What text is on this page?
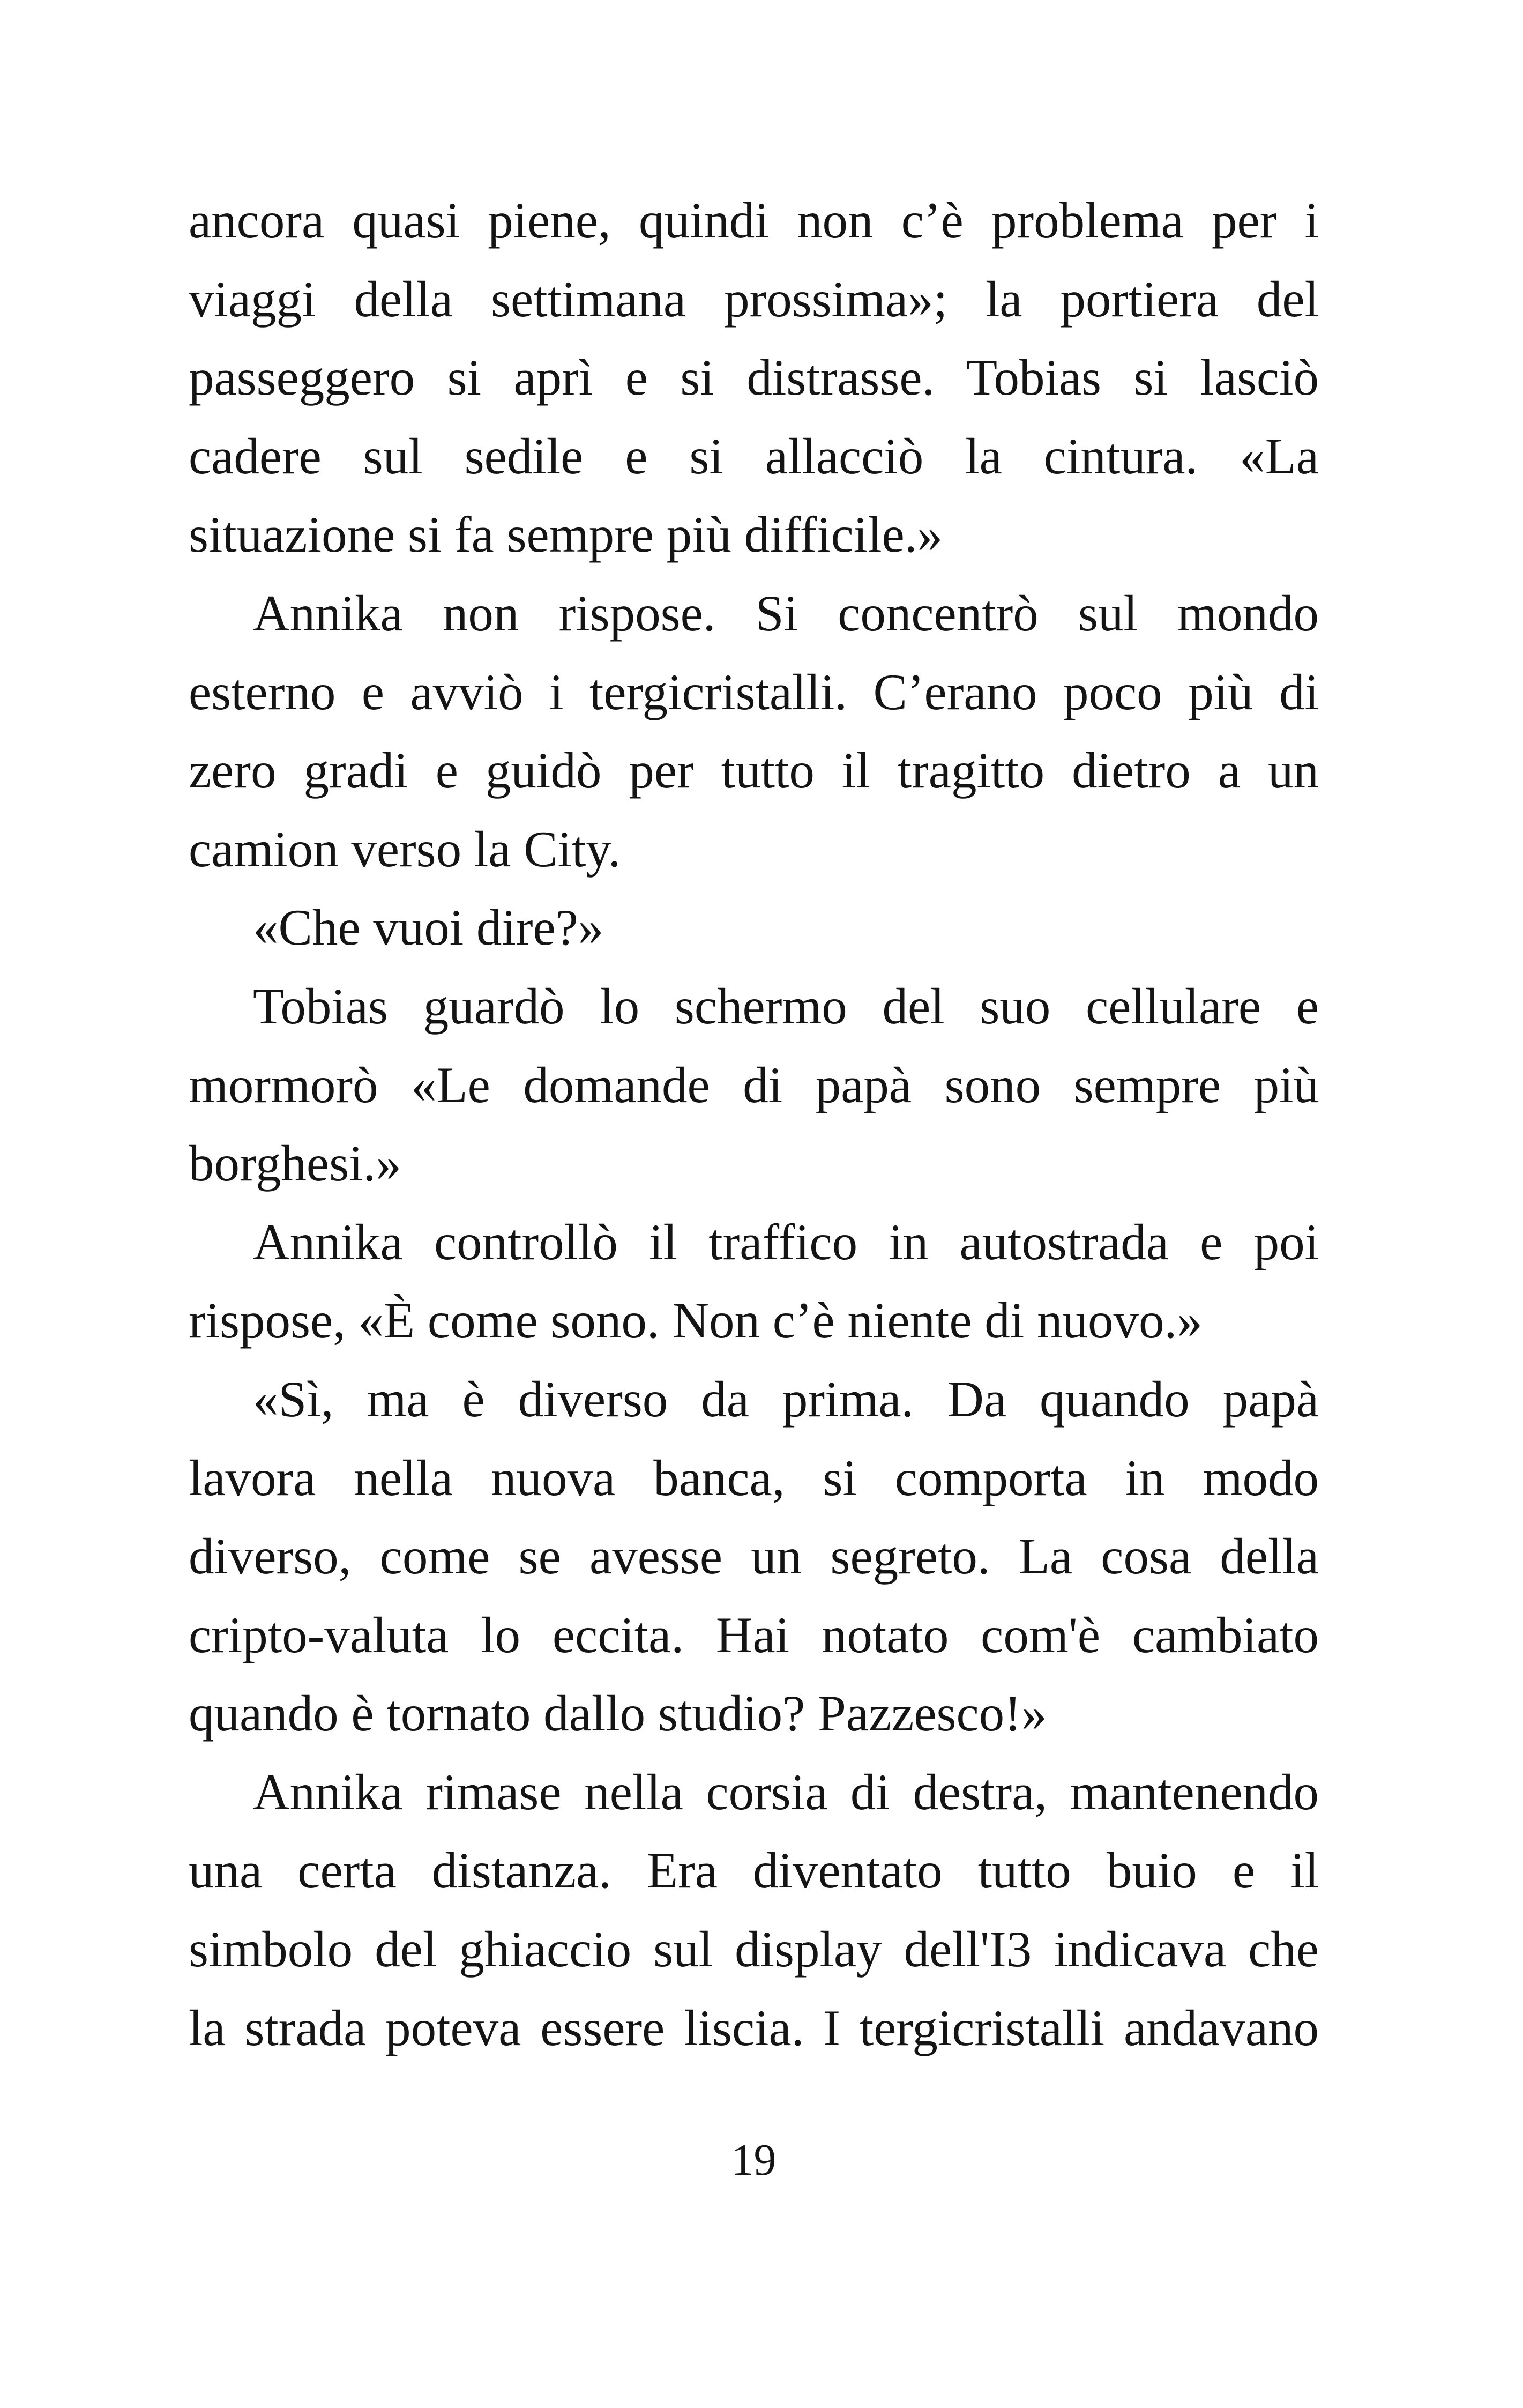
ancora quasi piene, quindi non c’è problema per i
viaggi della settimana prossima»; la portiera del
passeggero si aprì e si distrasse. Tobias si lasciò
cadere sul sedile e si allacciò la cintura. «La
situazione si fa sempre più difficile.»
Annika non rispose. Si concentrò sul mondo
esterno e avviò i tergicristalli. C’erano poco più di
zero gradi e guidò per tutto il tragitto dietro a un
camion verso la City.
«Che vuoi dire?»
Tobias guardò lo schermo del suo cellulare e
mormorò «Le domande di papà sono sempre più
borghesi.»
Annika controllò il traffico in autostrada e poi
rispose, «È come sono. Non c’è niente di nuovo.»
«Sì, ma è diverso da prima. Da quando papà
lavora nella nuova banca, si comporta in modo
diverso, come se avesse un segreto. La cosa della
cripto-valuta lo eccita. Hai notato com'è cambiato
quando è tornato dallo studio? Pazzesco!»
Annika rimase nella corsia di destra, mantenendo
una certa distanza. Era diventato tutto buio e il
simbolo del ghiaccio sul display dell'I3 indicava che
la strada poteva essere liscia. I tergicristalli andavano
19
